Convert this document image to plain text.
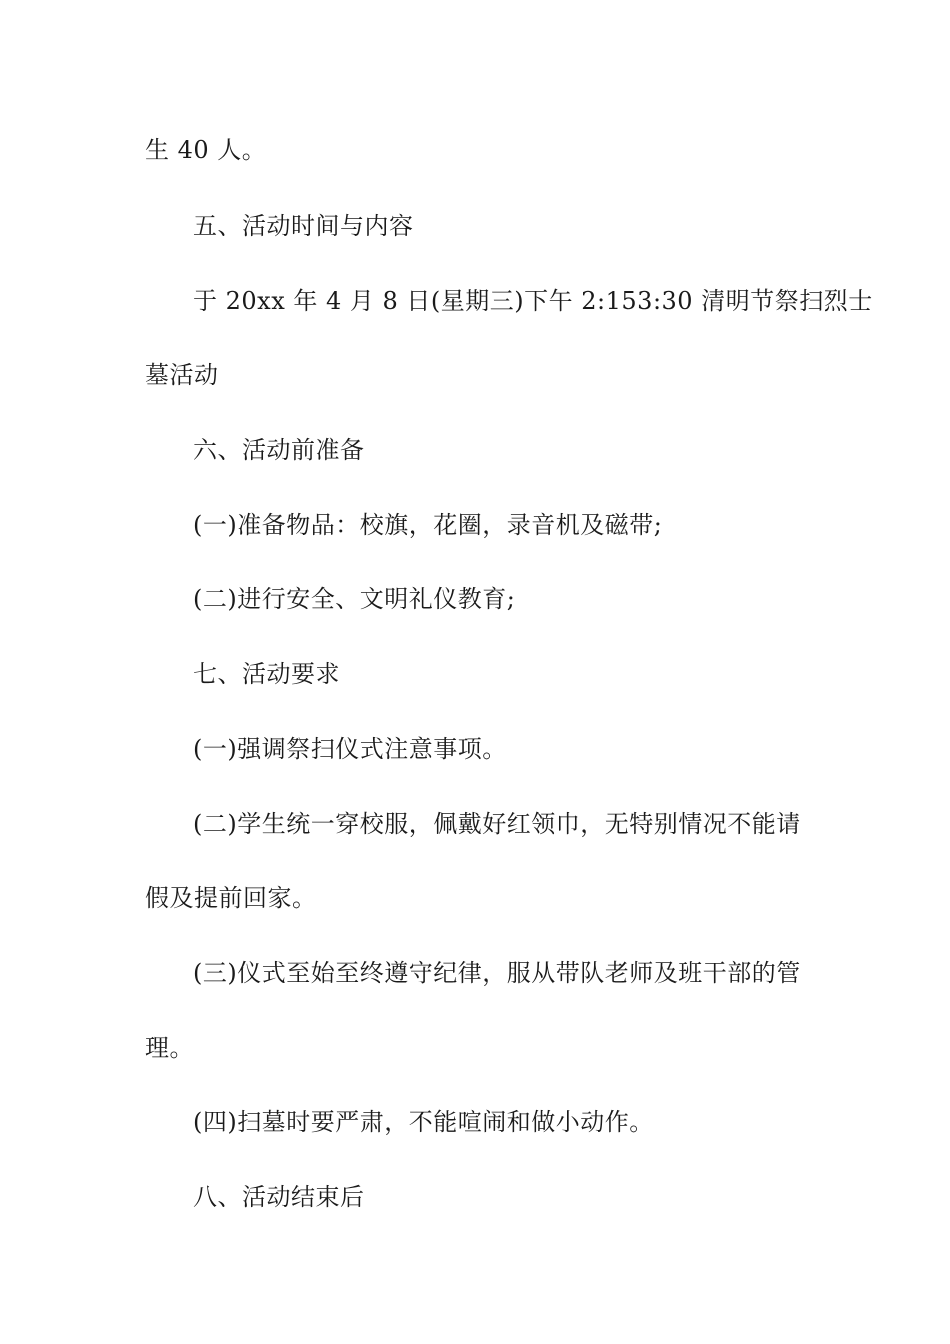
生 40 人。
五、活动时间与内容
于 20xx 年 4 月 8 日(星期三)下午 2:153:30 清明节祭扫烈士
墓活动
六、活动前准备
(一)准备物品：校旗，花圈，录音机及磁带;
(二)进行安全、文明礼仪教育;
七、活动要求
(一)强调祭扫仪式注意事项。
(二)学生统一穿校服，佩戴好红领巾，无特别情况不能请
假及提前回家。
(三)仪式至始至终遵守纪律，服从带队老师及班干部的管
理。
(四)扫墓时要严肃，不能喧闹和做小动作。
八、活动结束后
